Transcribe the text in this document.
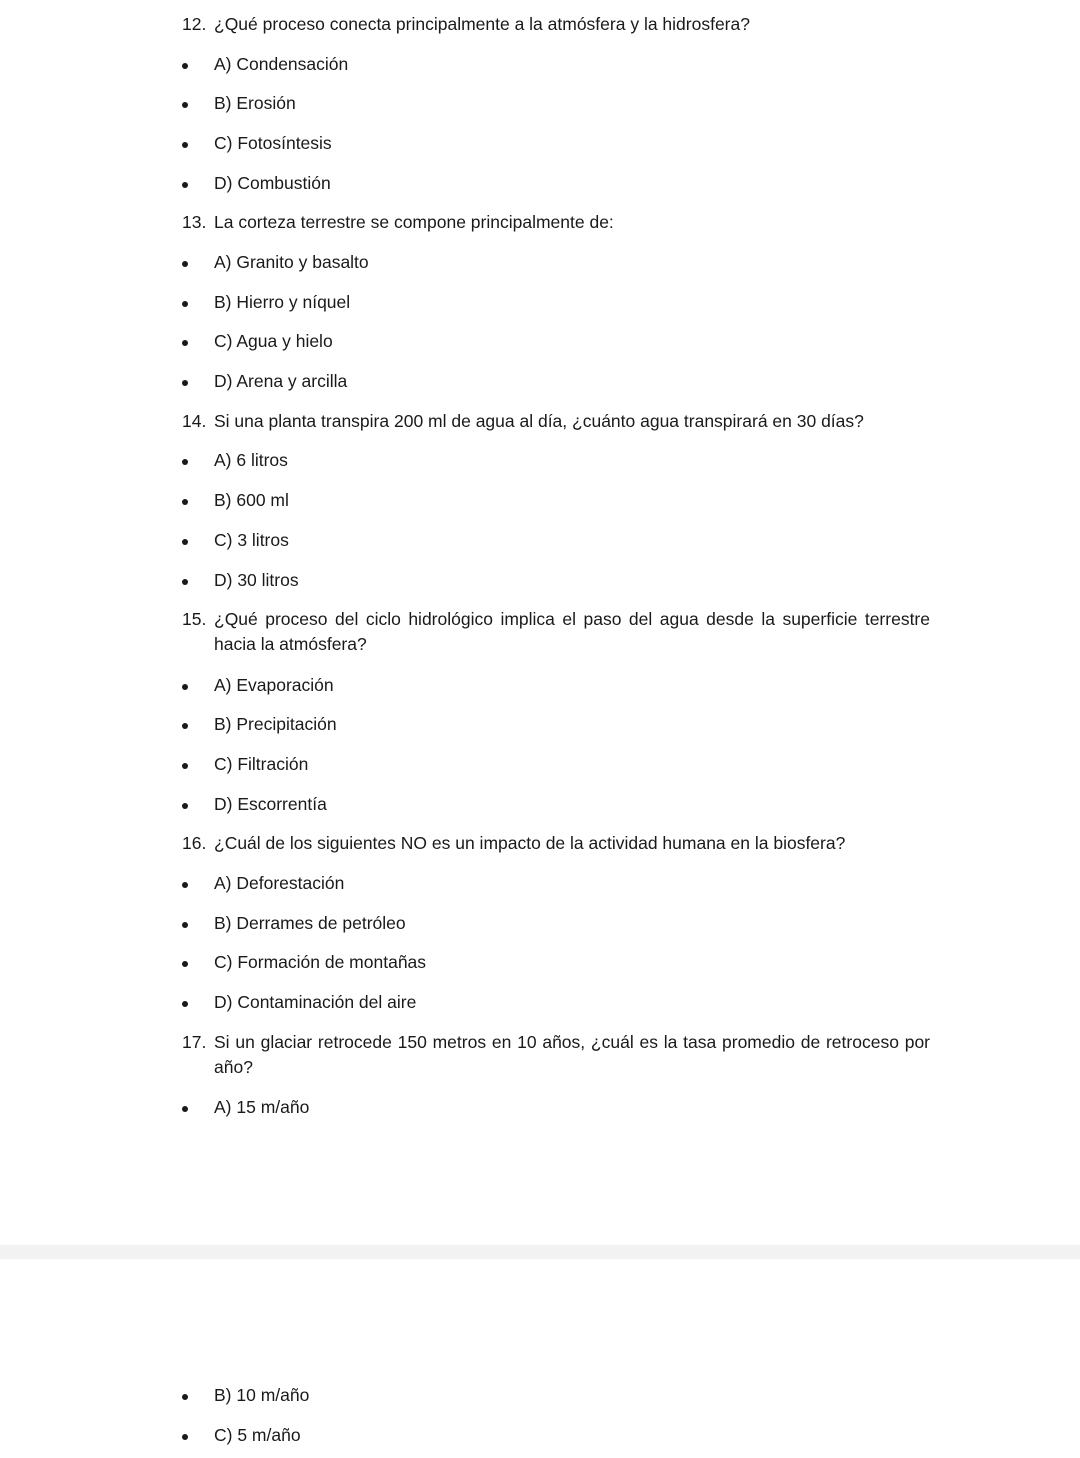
12. ¿Qué proceso conecta principalmente a la atmósfera y la hidrosfera?
A) Condensación
B) Erosión
C) Fotosíntesis
D) Combustión
13. La corteza terrestre se compone principalmente de:
A) Granito y basalto
B) Hierro y níquel
C) Agua y hielo
D) Arena y arcilla
14. Si una planta transpira 200 ml de agua al día, ¿cuánto agua transpirará en 30 días?
A) 6 litros
B) 600 ml
C) 3 litros
D) 30 litros
15. ¿Qué proceso del ciclo hidrológico implica el paso del agua desde la superficie terrestre hacia la atmósfera?
A) Evaporación
B) Precipitación
C) Filtración
D) Escorrentía
16. ¿Cuál de los siguientes NO es un impacto de la actividad humana en la biosfera?
A) Deforestación
B) Derrames de petróleo
C) Formación de montañas
D) Contaminación del aire
17. Si un glaciar retrocede 150 metros en 10 años, ¿cuál es la tasa promedio de retroceso por año?
A) 15 m/año
B) 10 m/año
C) 5 m/año
